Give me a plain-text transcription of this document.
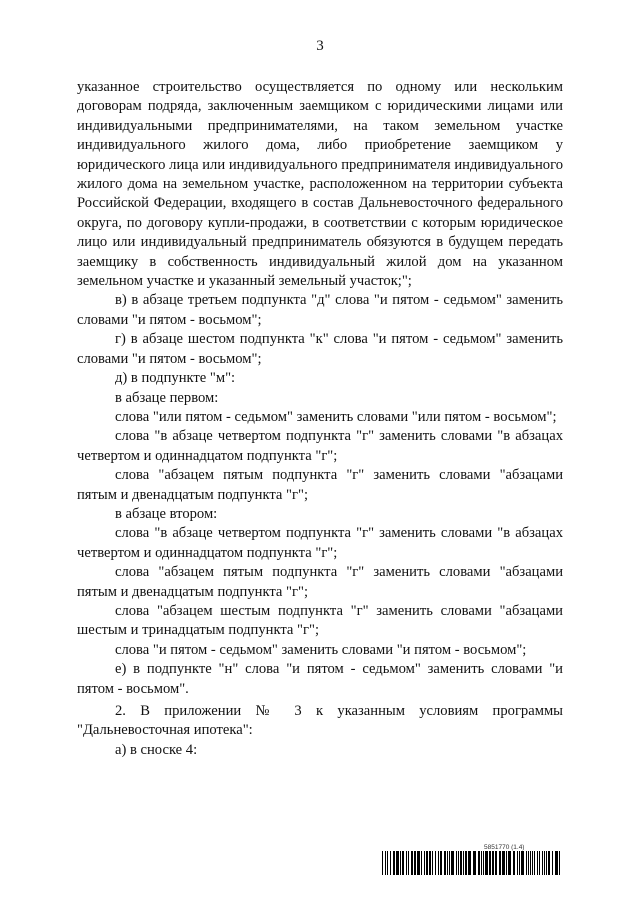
3

указанное строительство осуществляется по одному или нескольким договорам подряда, заключенным заемщиком с юридическими лицами или индивидуальными предпринимателями, на таком земельном участке индивидуального жилого дома, либо приобретение заемщиком у юридического лица или индивидуального предпринимателя индивидуального жилого дома на земельном участке, расположенном на территории субъекта Российской Федерации, входящего в состав Дальневосточного федерального округа, по договору купли-продажи, в соответствии с которым юридическое лицо или индивидуальный предприниматель обязуются в будущем передать заемщику в собственность индивидуальный жилой дом на указанном земельном участке и указанный земельный участок;";

в) в абзаце третьем подпункта "д" слова "и пятом - седьмом" заменить словами "и пятом - восьмом";

г) в абзаце шестом подпункта "к" слова "и пятом - седьмом" заменить словами "и пятом - восьмом";

д) в подпункте "м":

в абзаце первом:

слова "или пятом - седьмом" заменить словами "или пятом - восьмом";

слова "в абзаце четвертом подпункта "г" заменить словами "в абзацах четвертом и одиннадцатом подпункта "г";

слова "абзацем пятым подпункта "г" заменить словами "абзацами пятым и двенадцатым подпункта "г";

в абзаце втором:

слова "в абзаце четвертом подпункта "г" заменить словами "в абзацах четвертом и одиннадцатом подпункта "г";

слова "абзацем пятым подпункта "г" заменить словами "абзацами пятым и двенадцатым подпункта "г";

слова "абзацем шестым подпункта "г" заменить словами "абзацами шестым и тринадцатым подпункта "г";

слова "и пятом - седьмом" заменить словами "и пятом - восьмом";

е) в подпункте "н" слова "и пятом - седьмом" заменить словами "и пятом - восьмом".

2. В приложении № 3 к указанным условиям программы "Дальневосточная ипотека":

а) в сноске 4:

5851770 (1.4)
